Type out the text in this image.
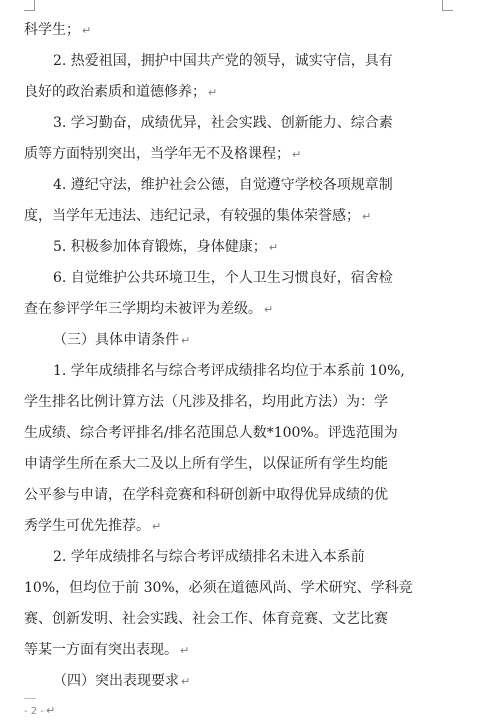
科学生； ↵
2. 热爱祖国，拥护中国共产党的领导，诚实守信，具有
良好的政治素质和道德修养； ↵
3. 学习勤奋，成绩优异，社会实践、创新能力、综合素
质等方面特别突出，当学年无不及格课程； ↵
4. 遵纪守法，维护社会公德，自觉遵守学校各项规章制
度，当学年无违法、违纪记录，有较强的集体荣誉感； ↵
5. 积极参加体育锻炼，身体健康； ↵
6. 自觉维护公共环境卫生，个人卫生习惯良好，宿舍检
查在参评学年三学期均未被评为差级。 ↵
（三）具体申请条件 ↵
1. 学年成绩排名与综合考评成绩排名均位于本系前 10%,
学生排名比例计算方法（凡涉及排名，均用此方法）为：学
生成绩、综合考评排名/排名范围总人数*100%。评选范围为
申请学生所在系大二及以上所有学生，以保证所有学生均能
公平参与申请，在学科竞赛和科研创新中取得优异成绩的优
秀学生可优先推荐。 ↵
2. 学年成绩排名与综合考评成绩排名未进入本系前
10%，但均位于前 30%，必须在道德风尚、学术研究、学科竞
赛、创新发明、社会实践、社会工作、体育竞赛、文艺比赛
等某一方面有突出表现。 ↵
（四）突出表现要求 ↵
- 2 - ↵
